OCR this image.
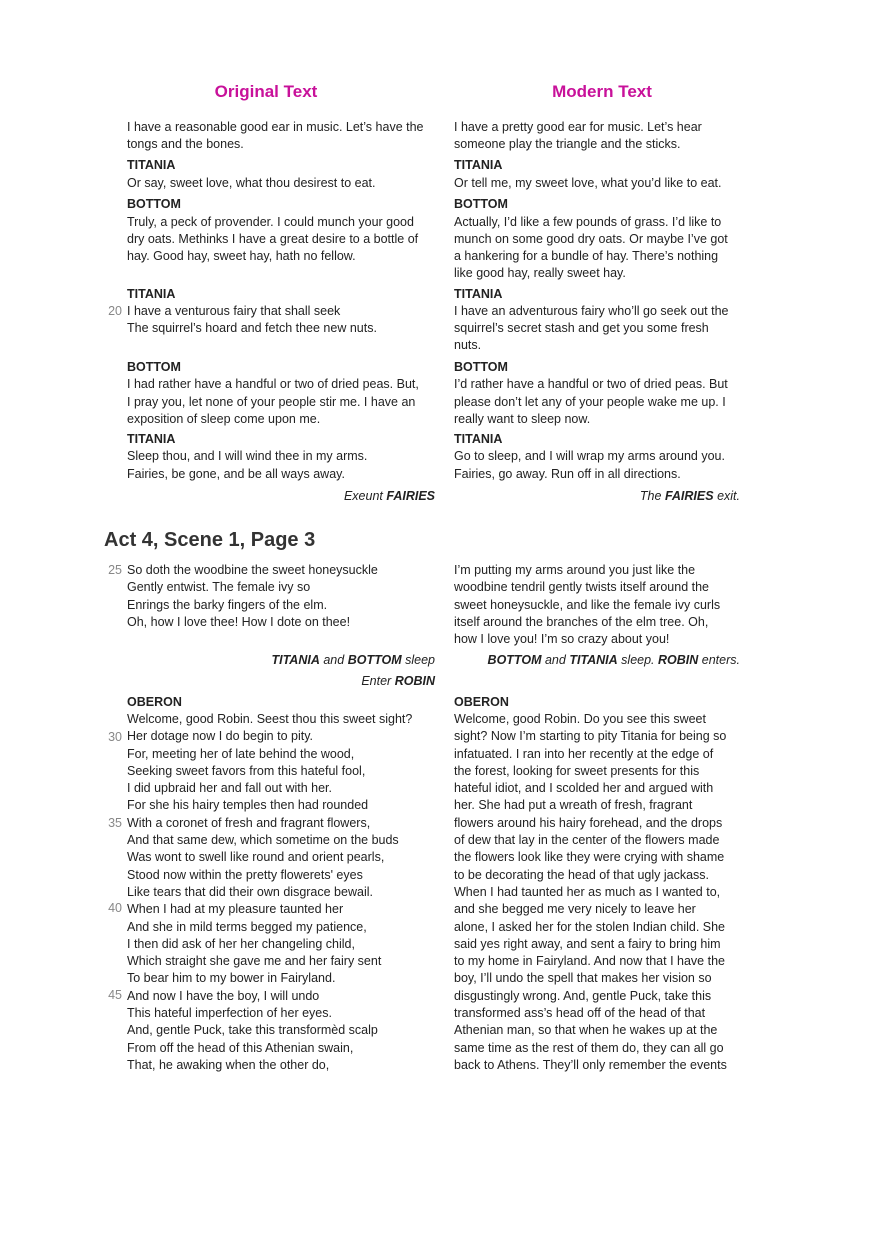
Original Text	Modern Text
I have a reasonable good ear in music. Let’s have the
tongs and the bones.
TITANIA
Or say, sweet love, what thou desirest to eat.
BOTTOM
Truly, a peck of provender. I could munch your good
dry oats. Methinks I have a great desire to a bottle of
hay. Good hay, sweet hay, hath no fellow.
TITANIA
20 I have a venturous fairy that shall seek
The squirrel’s hoard and fetch thee new nuts.
BOTTOM
I had rather have a handful or two of dried peas. But,
I pray you, let none of your people stir me. I have an
exposition of sleep come upon me.
TITANIA
Sleep thou, and I will wind thee in my arms.
Fairies, be gone, and be all ways away.
Exeunt FAIRIES
I have a pretty good ear for music. Let’s hear
someone play the triangle and the sticks.
TITANIA
Or tell me, my sweet love, what you’d like to eat.
BOTTOM
Actually, I’d like a few pounds of grass. I’d like to
munch on some good dry oats. Or maybe I’ve got
a hankering for a bundle of hay. There’s nothing
like good hay, really sweet hay.
TITANIA
I have an adventurous fairy who’ll go seek out the
squirrel’s secret stash and get you some fresh
nuts.
BOTTOM
I’d rather have a handful or two of dried peas. But
please don’t let any of your people wake me up. I
really want to sleep now.
TITANIA
Go to sleep, and I will wrap my arms around you.
Fairies, go away. Run off in all directions.
The FAIRIES exit.
Act 4, Scene 1, Page 3
25 So doth the woodbine the sweet honeysuckle
Gently entwist. The female ivy so
Enrings the barky fingers of the elm.
Oh, how I love thee! How I dote on thee!
TITANIA and BOTTOM sleep
Enter ROBIN
I’m putting my arms around you just like the
woodbine tendril gently twists itself around the
sweet honeysuckle, and like the female ivy curls
itself around the branches of the elm tree. Oh,
how I love you! I’m so crazy about you!
BOTTOM and TITANIA sleep. ROBIN enters.
OBERON
30
35
40
45
Welcome, good Robin. Seest thou this sweet sight?
Her dotage now I do begin to pity.
For, meeting her of late behind the wood,
Seeking sweet favors from this hateful fool,
I did upbraid her and fall out with her.
For she his hairy temples then had rounded
With a coronet of fresh and fragrant flowers,
And that same dew, which sometime on the buds
Was wont to swell like round and orient pearls,
Stood now within the pretty flowerets' eyes
Like tears that did their own disgrace bewail.
When I had at my pleasure taunted her
And she in mild terms begged my patience,
I then did ask of her her changeling child,
Which straight she gave me and her fairy sent
To bear him to my bower in Fairyland.
And now I have the boy, I will undo
This hateful imperfection of her eyes.
And, gentle Puck, take this transformèd scalp
From off the head of this Athenian swain,
That, he awaking when the other do,
OBERON
Welcome, good Robin. Do you see this sweet
sight? Now I’m starting to pity Titania for being so
infatuated. I ran into her recently at the edge of
the forest, looking for sweet presents for this
hateful idiot, and I scolded her and argued with
her. She had put a wreath of fresh, fragrant
flowers around his hairy forehead, and the drops
of dew that lay in the center of the flowers made
the flowers look like they were crying with shame
to be decorating the head of that ugly jackass.
When I had taunted her as much as I wanted to,
and she begged me very nicely to leave her
alone, I asked her for the stolen Indian child. She
said yes right away, and sent a fairy to bring him
to my home in Fairyland. And now that I have the
boy, I’ll undo the spell that makes her vision so
disgustingly wrong. And, gentle Puck, take this
transformed ass’s head off of the head of that
Athenian man, so that when he wakes up at the
same time as the rest of them do, they can all go
back to Athens. They’ll only remember the events
